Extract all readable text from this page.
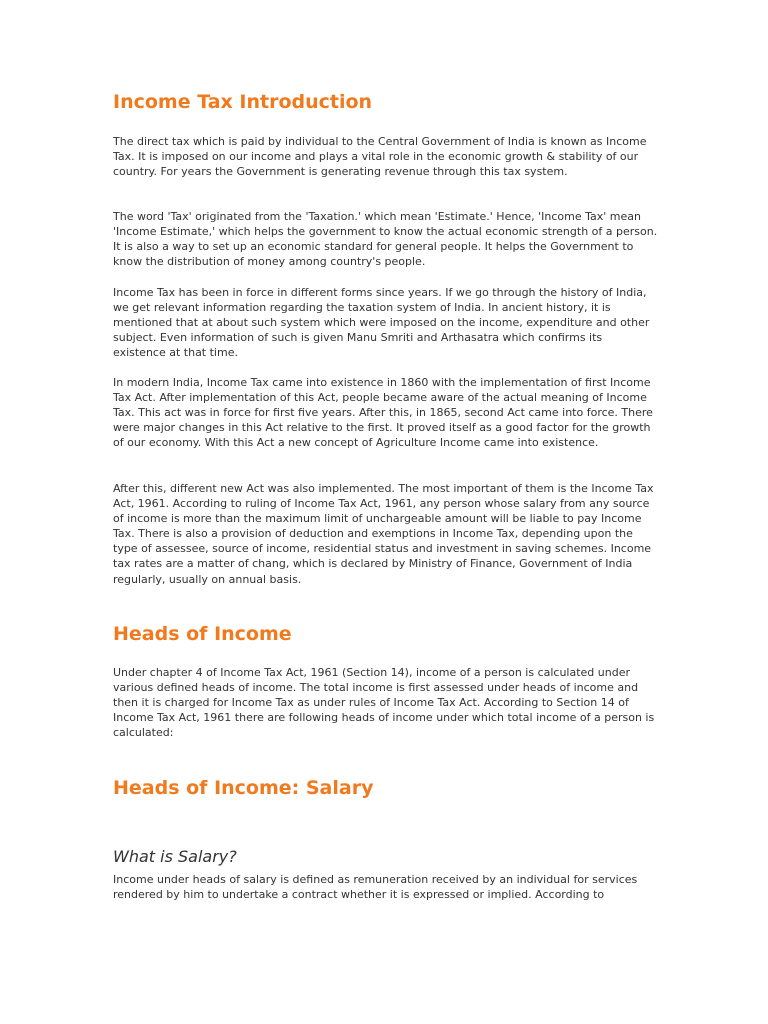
Income Tax Introduction

The direct tax which is paid by individual to the Central Government of India is known as Income Tax. It is imposed on our income and plays a vital role in the economic growth & stability of our country. For years the Government is generating revenue through this tax system.

The word 'Tax' originated from the 'Taxation.' which mean 'Estimate.' Hence, 'Income Tax' mean 'Income Estimate,' which helps the government to know the actual economic strength of a person. It is also a way to set up an economic standard for general people. It helps the Government to know the distribution of money among country's people.

Income Tax has been in force in different forms since years. If we go through the history of India, we get relevant information regarding the taxation system of India. In ancient history, it is mentioned that at about such system which were imposed on the income, expenditure and other subject. Even information of such is given Manu Smriti and Arthasatra which confirms its existence at that time.

In modern India, Income Tax came into existence in 1860 with the implementation of first Income Tax Act. After implementation of this Act, people became aware of the actual meaning of Income Tax. This act was in force for first five years. After this, in 1865, second Act came into force. There were major changes in this Act relative to the first. It proved itself as a good factor for the growth of our economy. With this Act a new concept of Agriculture Income came into existence.

After this, different new Act was also implemented. The most important of them is the Income Tax Act, 1961. According to ruling of Income Tax Act, 1961, any person whose salary from any source of income is more than the maximum limit of unchargeable amount will be liable to pay Income Tax. There is also a provision of deduction and exemptions in Income Tax, depending upon the type of assessee, source of income, residential status and investment in saving schemes. Income tax rates are a matter of chang, which is declared by Ministry of Finance, Government of India regularly, usually on annual basis.

Heads of Income

Under chapter 4 of Income Tax Act, 1961 (Section 14), income of a person is calculated under various defined heads of income. The total income is first assessed under heads of income and then it is charged for Income Tax as under rules of Income Tax Act. According to Section 14 of Income Tax Act, 1961 there are following heads of income under which total income of a person is calculated:

Heads of Income: Salary
What is Salary?

Income under heads of salary is defined as remuneration received by an individual for services rendered by him to undertake a contract whether it is expressed or implied. According to
